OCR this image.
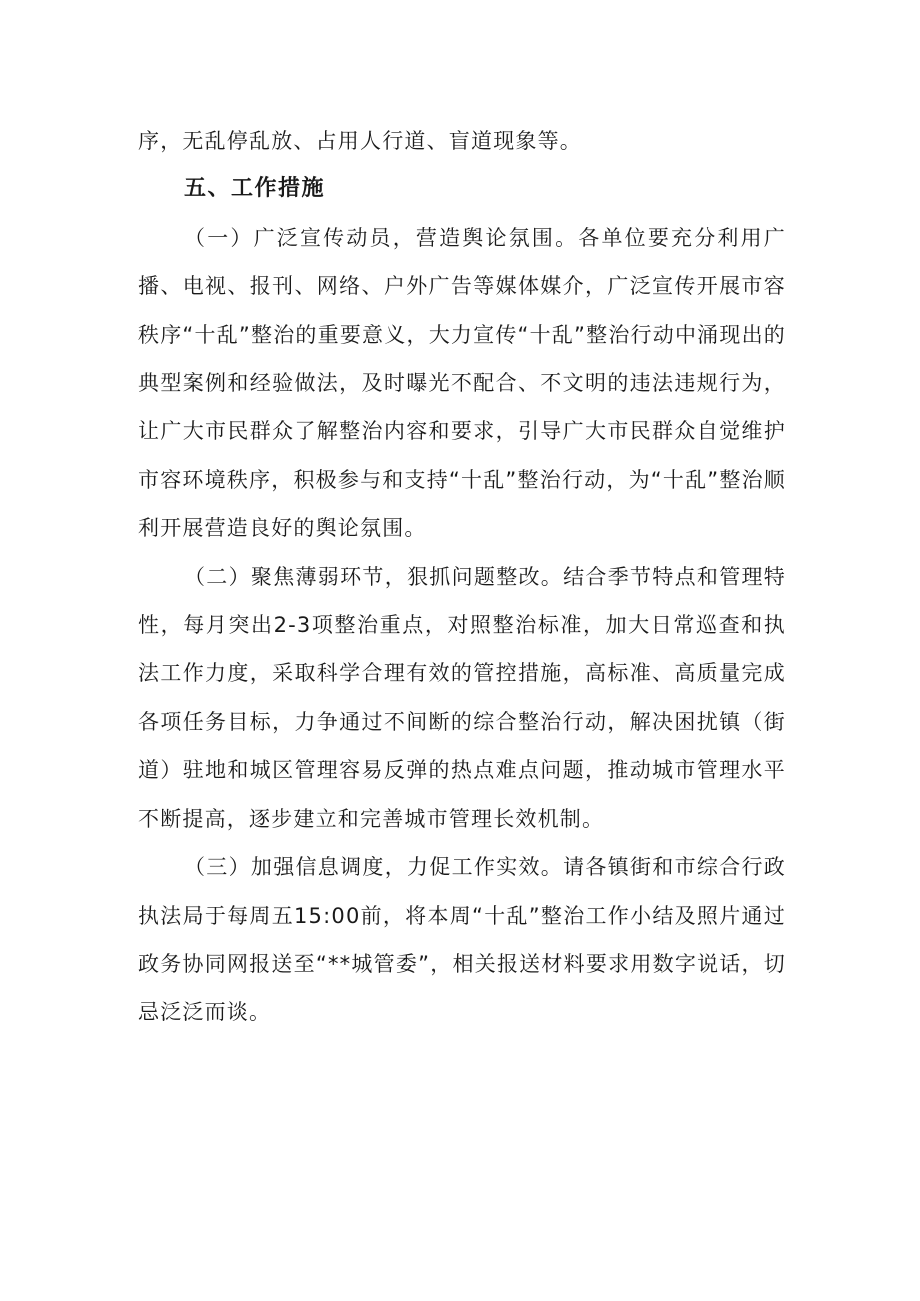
序，无乱停乱放、占用人行道、盲道现象等。

五、工作措施

（一）广泛宣传动员，营造舆论氛围。各单位要充分利用广播、电视、报刊、网络、户外广告等媒体媒介，广泛宣传开展市容秩序“十乱”整治的重要意义，大力宣传“十乱”整治行动中涌现出的典型案例和经验做法，及时曝光不配合、不文明的违法违规行为，让广大市民群众了解整治内容和要求，引导广大市民群众自觉维护市容环境秩序，积极参与和支持“十乱”整治行动，为“十乱”整治顺利开展营造良好的舆论氛围。

（二）聚焦薄弱环节，狠抓问题整改。结合季节特点和管理特性，每月突出2-3项整治重点，对照整治标准，加大日常巡查和执法工作力度，采取科学合理有效的管控措施，高标准、高质量完成各项任务目标，力争通过不间断的综合整治行动，解决困扰镇（街道）驻地和城区管理容易反弹的热点难点问题，推动城市管理水平不断提高，逐步建立和完善城市管理长效机制。

（三）加强信息调度，力促工作实效。请各镇街和市综合行政执法局于每周五15:00前，将本周“十乱”整治工作小结及照片通过政务协同网报送至“**城管委”，相关报送材料要求用数字说话，切忌泛泛而谈。
